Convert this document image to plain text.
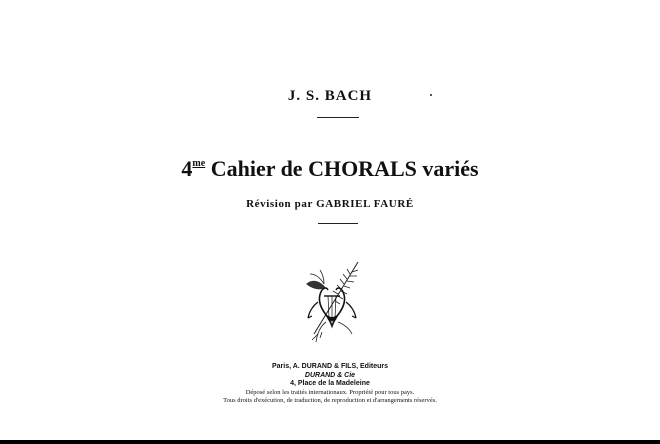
J. S. BACH
$4^{me}$ Cahier de CHORALS variés
Révision par GABRIEL FAURÉ
Paris, A. DURAND & FILS, Editeurs
DURAND & Cie
4, Place de la Madeleine
Déposé selon les traités internationaux. Propriété pour tous pays.
Tous droits d'exécution, de traduction, de reproduction et d'arrangements réservés.
